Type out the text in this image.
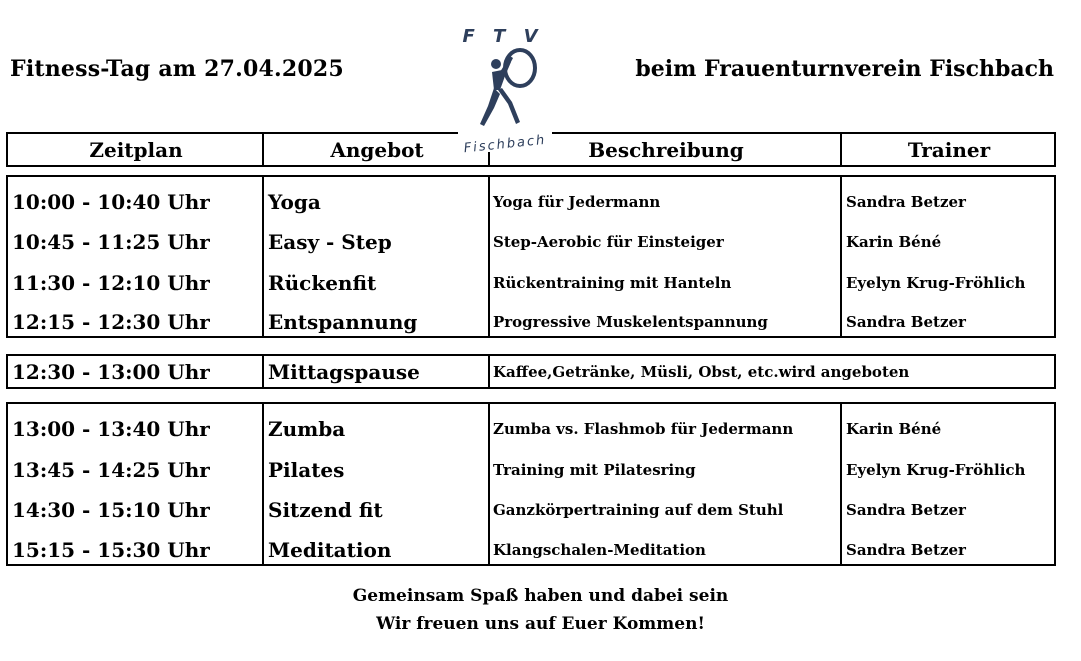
Fitness-Tag am 27.04.2025	beim Frauenturnverein Fischbach
Zeitplan	Angebot	Beschreibung	Trainer
10:00 - 10:40 Uhr	Yoga	Yoga für Jedermann	Sandra Betzer
10:45 - 11:25 Uhr	Easy - Step	Step-Aerobic für Einsteiger	Karin Béné
11:30 - 12:10 Uhr	Rückenfit	Rückentraining mit Hanteln	Eyelyn Krug-Fröhlich
12:15 - 12:30 Uhr	Entspannung	Progressive Muskelentspannung	Sandra Betzer
12:30 - 13:00 Uhr	Mittagspause	Kaffee,Getränke, Müsli, Obst, etc.wird angeboten
13:00 - 13:40 Uhr	Zumba	Zumba vs. Flashmob für Jedermann	Karin Béné
13:45 - 14:25 Uhr	Pilates	Training mit Pilatesring	Eyelyn Krug-Fröhlich
14:30 - 15:10 Uhr	Sitzend fit	Ganzkörpertraining auf dem Stuhl	Sandra Betzer
15:15 - 15:30 Uhr	Meditation	Klangschalen-Meditation	Sandra Betzer
F T V
Fischbach
Gemeinsam Spaß haben und dabei sein
Wir freuen uns auf Euer Kommen!
